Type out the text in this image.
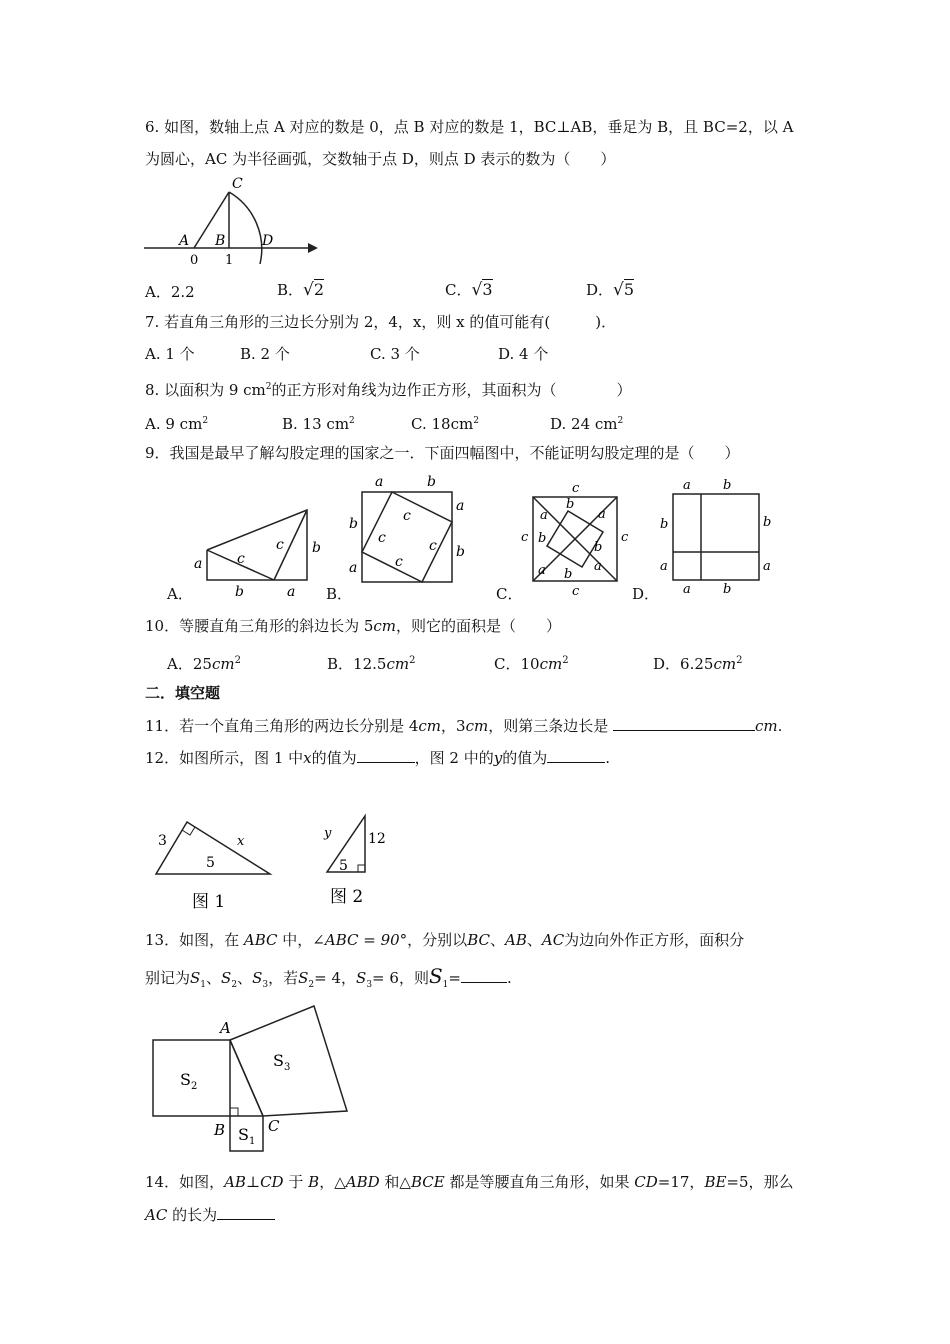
6. 如图，数轴上点 A 对应的数是 0，点 B 对应的数是 1，BC⊥AB，垂足为 B，且 BC=2，以 A
为圆心，AC 为半径画弧，交数轴于点 D，则点 D 表示的数为（　　）
C
A B	D
0 1
A．2.2	B．√2	C．√3	D．√5
7. 若直角三角形的三边长分别为 2，4，x，则 x 的值可能有(　　　)．
A. 1 个	B. 2 个	C. 3 个	D. 4 个
8. 以面积为 9 $cm^2$的正方形对角线为边作正方形，其面积为（　　　　）
A. 9 $cm^2$	B. 13 $cm^2$	C. $18cm^2$	D. 24 $cm^2$
9．我国是最早了解勾股定理的国家之一．下面四幅图中，不能证明勾股定理的是（　　）
a
b	a
b
c
c
A．
a	b
a
b
b
a
c
c	c
c
B．
c
c
c	c
a
b
a
b
b
a b
a
C．
a b
b	b
a	a
a b
D．
10．等腰直角三角形的斜边长为 5cm，则它的面积是（　　）
A．$25cm^2$	B．$12.5cm^2$	C．$10cm^2$	D．$6.25cm^2$
二．填空题
11．若一个直角三角形的两边长分别是 4cm，3cm，则第三条边长是	cm.
12．如图所示，图 1 中x的值为	，图 2 中的y的值为	.
3	x
5
图 1
y	12
5
图 2
13．如图，在 ABC 中，∠ABC = 90°，分别以BC、AB、AC为边向外作正方形，面积分
别记为$S_1$、$S_2$、$S_3$，若$S_2= 4$，$S_3= 6$，则$S_1=$	.
A
B	C
$S_2$
$S_3$
$S_1$
14．如图，AB⊥CD 于 B，△ABD 和△BCE 都是等腰直角三角形，如果 CD=17，BE=5，那么
AC 的长为
